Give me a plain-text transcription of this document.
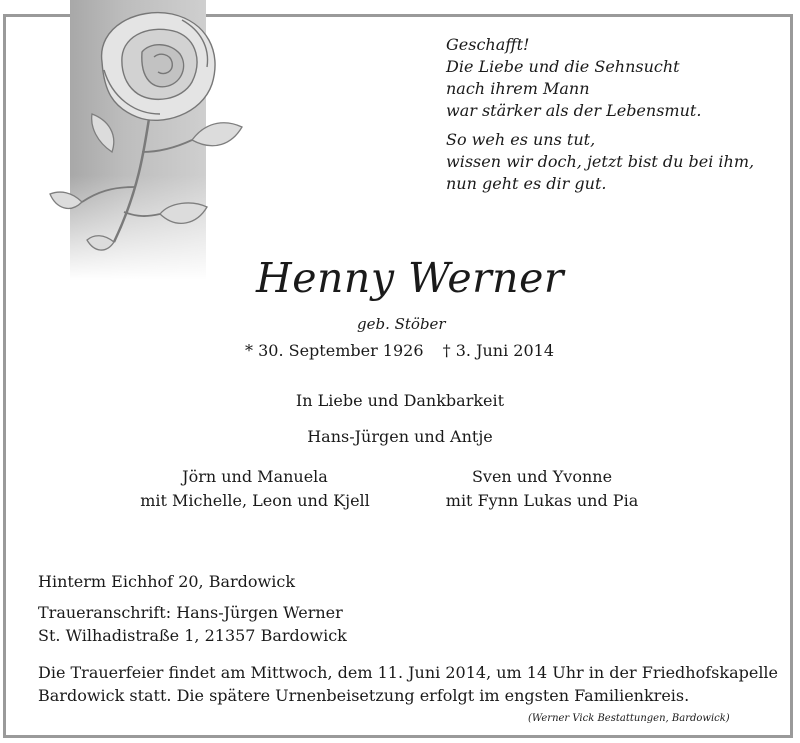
Geschafft!
Die Liebe und die Sehnsucht
nach ihrem Mann
war stärker als der Lebensmut.

So weh es uns tut,
wissen wir doch, jetzt bist du bei ihm,
nun geht es dir gut.

Henny Werner
geb. Stöber
* 30. September 1926 † 3. Juni 2014
In Liebe und Dankbarkeit
Hans-Jürgen und Antje
Jörn und Manuela
mit Michelle, Leon und Kjell
Sven und Yvonne
mit Fynn Lukas und Pia
Hinterm Eichhof 20, Bardowick
Traueranschrift: Hans-Jürgen Werner
St. Wilhadistraße 1, 21357 Bardowick
Die Trauerfeier findet am Mittwoch, dem 11. Juni 2014, um 14 Uhr in der Friedhofskapelle
Bardowick statt. Die spätere Urnenbeisetzung erfolgt im engsten Familienkreis.
(Werner Vick Bestattungen, Bardowick)
